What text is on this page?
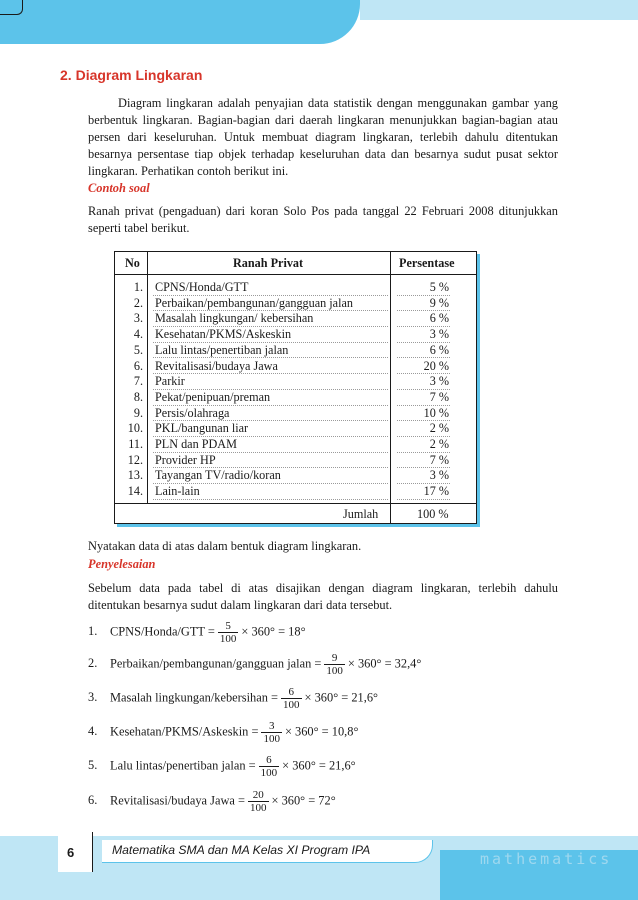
2. Diagram Lingkaran
Diagram lingkaran adalah penyajian data statistik dengan menggunakan gambar yang berbentuk lingkaran. Bagian-bagian dari daerah lingkaran menunjukkan bagian-bagian atau persen dari keseluruhan. Untuk membuat diagram lingkaran, terlebih dahulu ditentukan besarnya persentase tiap objek terhadap keseluruhan data dan besarnya sudut pusat sektor lingkaran. Perhatikan contoh berikut ini.
Contoh soal
Ranah privat (pengaduan) dari koran Solo Pos pada tanggal 22 Februari 2008 ditunjukkan seperti tabel berikut.
No	Ranah Privat	Persentase
1. CPNS/Honda/GTT	5 %
2. Perbaikan/pembangunan/gangguan jalan	9 %
3. Masalah lingkungan/ kebersihan	6 %
4. Kesehatan/PKMS/Askeskin	3 %
5. Lalu lintas/penertiban jalan	6 %
6. Revitalisasi/budaya Jawa	20 %
7. Parkir	3 %
8. Pekat/penipuan/preman	7 %
9. Persis/olahraga	10 %
10. PKL/bangunan liar	2 %
11. PLN dan PDAM	2 %
12. Provider HP	7 %
13. Tayangan TV/radio/koran	3 %
14. Lain-lain	17 %
Jumlah	100 %
Nyatakan data di atas dalam bentuk diagram lingkaran.
Penyelesaian
Sebelum data pada tabel di atas disajikan dengan diagram lingkaran, terlebih dahulu ditentukan besarnya sudut dalam lingkaran dari data tersebut.
1. CPNS/Honda/GTT = $\frac{5}{100} \times 360^\circ = 18^\circ$
2. Perbaikan/pembangunan/gangguan jalan = $\frac{9}{100} \times 360^\circ = 32,4^\circ$
3. Masalah lingkungan/kebersihan = $\frac{6}{100} \times 360^\circ = 21,6^\circ$
4. Kesehatan/PKMS/Askeskin = $\frac{3}{100} \times 360^\circ = 10,8^\circ$
5. Lalu lintas/penertiban jalan = $\frac{6}{100} \times 360^\circ = 21,6^\circ$
6. Revitalisasi/budaya Jawa = $\frac{20}{100} \times 360^\circ = 72^\circ$
6	Matematika SMA dan MA Kelas XI Program IPA	mathematics
